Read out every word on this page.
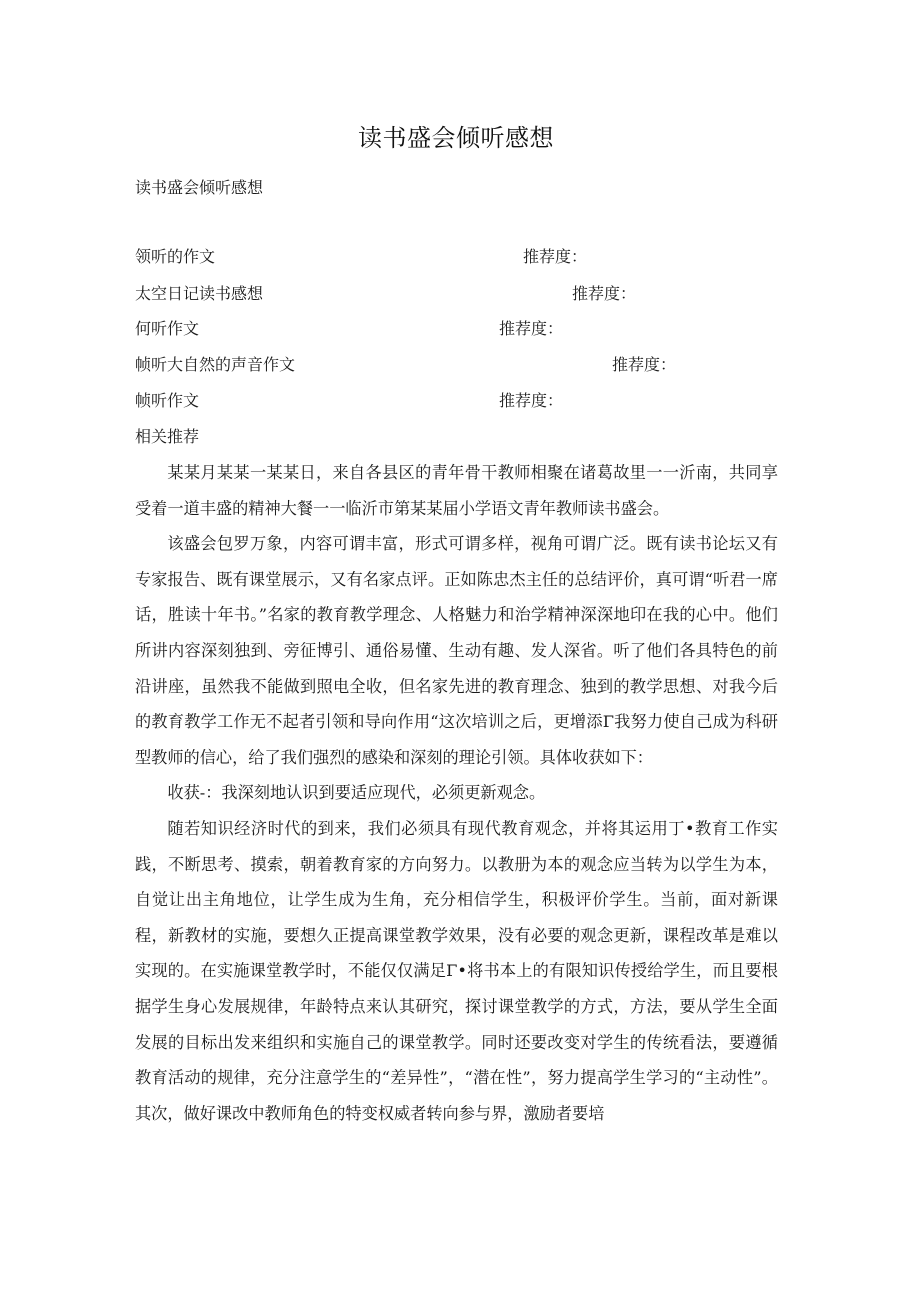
读书盛会倾听感想
读书盛会倾听感想
领听的作文	推荐度：
太空日记读书感想	推荐度：
何听作文	推荐度：
帧听大自然的声音作文	推荐度：
帧听作文	推荐度：
相关推荐

某某月某某一某某日，来自各县区的青年骨干教师相聚在诸葛故里一一沂南，共同享受着一道丰盛的精神大餐一一临沂市第某某届小学语文青年教师读书盛会。

该盛会包罗万象，内容可谓丰富，形式可谓多样，视角可谓广泛。既有读书论坛又有专家报告、既有课堂展示，又有名家点评。正如陈忠杰主任的总结评价，真可谓“听君一席话，胜读十年书。”名家的教育教学理念、人格魅力和治学精神深深地印在我的心中。他们所讲内容深刻独到、旁征博引、通俗易懂、生动有趣、发人深省。听了他们各具特色的前沿讲座，虽然我不能做到照电全收，但名家先进的教育理念、独到的教学思想、对我今后的教育教学工作无不起者引领和导向作用“这次培训之后，更增添Γ我努力使自己成为科研型教师的信心，给了我们强烈的感染和深刻的理论引领。具体收获如下：

收获-：我深刻地认识到要适应现代，必须更新观念。

随若知识经济时代的到来，我们必须具有现代教育观念，并将其运用丁•教育工作实践，不断思考、摸索，朝着教育家的方向努力。以教册为本的观念应当转为以学生为本，自觉让出主角地位，让学生成为生角，充分相信学生，积极评价学生。当前，面对新课程，新教材的实施，要想久正提高课堂教学效果，没有必要的观念更新，课程改革是难以实现的。在实施课堂教学时，不能仅仅满足Γ•将书本上的有限知识传授给学生，而且要根据学生身心发展规律，年龄特点来认其研究，探讨课堂教学的方式，方法，要从学生全面发展的目标出发来组织和实施自己的课堂教学。同时还要改变对学生的传统看法，要遵循教育活动的规律，充分注意学生的“差异性”，“潜在性”，努力提高学生学习的“主动性”。其次，做好课改中教师角色的特变权威者转向参与界，激励者要培
